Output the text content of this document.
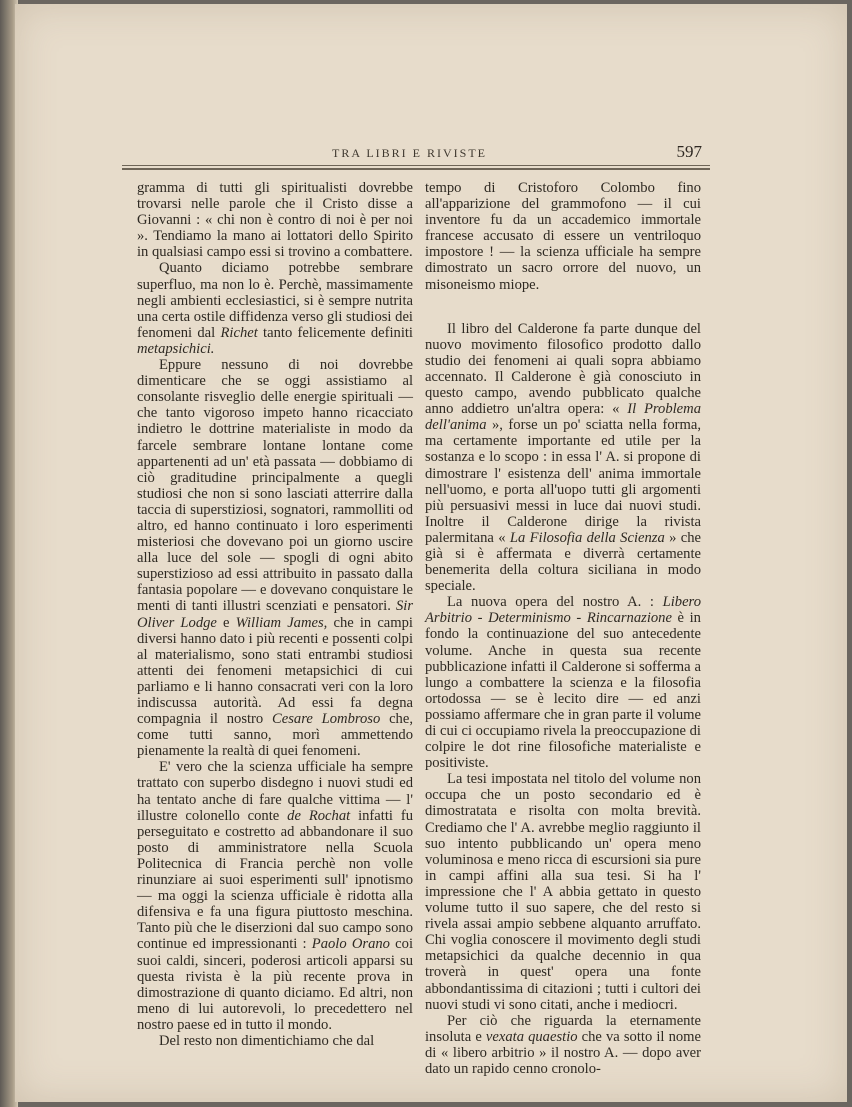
TRA LIBRI E RIVISTE	597

gramma di tutti gli spiritualisti dovrebbe trovarsi nelle parole che il Cristo disse a Giovanni : « chi non è contro di noi è per noi ». Tendiamo la mano ai lottatori dello Spirito in qualsiasi campo essi si trovino a combattere.

Quanto diciamo potrebbe sembrare superfluo, ma non lo è. Perchè, massimamente negli ambienti ecclesiastici, si è sempre nutrita una certa ostile diffidenza verso gli studiosi dei fenomeni dal Richet tanto felicemente definiti metapsichici.

Eppure nessuno di noi dovrebbe dimenticare che se oggi assistiamo al consolante risveglio delle energie spirituali — che tanto vigoroso impeto hanno ricacciato indietro le dottrine materialiste in modo da farcele sembrare lontane lontane come appartenenti ad un' età passata — dobbiamo di ciò graditudine principalmente a quegli studiosi che non si sono lasciati atterrire dalla taccia di superstiziosi, sognatori, rammolliti od altro, ed hanno continuato i loro esperimenti misteriosi che dovevano poi un giorno uscire alla luce del sole — spogli di ogni abito superstizioso ad essi attribuito in passato dalla fantasia popolare — e dovevano conquistare le menti di tanti illustri scenziati e pensatori. Sir Oliver Lodge e William James, che in campi diversi hanno dato i più recenti e possenti colpi al materialismo, sono stati entrambi studiosi attenti dei fenomeni metapsichici di cui parliamo e li hanno consacrati veri con la loro indiscussa autorità. Ad essi fa degna compagnia il nostro Cesare Lombroso che, come tutti sanno, morì ammettendo pienamente la realtà di quei fenomeni.

E' vero che la scienza ufficiale ha sempre trattato con superbo disdegno i nuovi studi ed ha tentato anche di fare qualche vittima — l' illustre colonello conte de Rochat infatti fu perseguitato e costretto ad abbandonare il suo posto di amministratore nella Scuola Politecnica di Francia perchè non volle rinunziare ai suoi esperimenti sull' ipnotismo — ma oggi la scienza ufficiale è ridotta alla difensiva e fa una figura piuttosto meschina. Tanto più che le diserzioni dal suo campo sono continue ed impressionanti : Paolo Orano coi suoi caldi, sinceri, poderosi articoli apparsi su questa rivista è la più recente prova in dimostrazione di quanto diciamo. Ed altri, non meno di lui autorevoli, lo precedettero nel nostro paese ed in tutto il mondo.

Del resto non dimentichiamo che dal

tempo di Cristoforo Colombo fino all'apparizione del grammofono — il cui inventore fu da un accademico immortale francese accusato di essere un ventriloquo impostore ! — la scienza ufficiale ha sempre dimostrato un sacro orrore del nuovo, un misoneismo miope.

Il libro del Calderone fa parte dunque del nuovo movimento filosofico prodotto dallo studio dei fenomeni ai quali sopra abbiamo accennato. Il Calderone è già conosciuto in questo campo, avendo pubblicato qualche anno addietro un'altra opera: « Il Problema dell'anima », forse un po' sciatta nella forma, ma certamente importante ed utile per la sostanza e lo scopo : in essa l' A. si propone di dimostrare l' esistenza dell' anima immortale nell'uomo, e porta all'uopo tutti gli argomenti più persuasivi messi in luce dai nuovi studi. Inoltre il Calderone dirige la rivista palermitana « La Filosofia della Scienza » che già si è affermata e diverrà certamente benemerita della coltura siciliana in modo speciale.

La nuova opera del nostro A. : Libero Arbitrio - Determinismo - Rincarnazione è in fondo la continuazione del suo antecedente volume. Anche in questa sua recente pubblicazione infatti il Calderone si sofferma a lungo a combattere la scienza e la filosofia ortodossa — se è lecito dire — ed anzi possiamo affermare che in gran parte il volume di cui ci occupiamo rivela la preoccupazione di colpire le dot rine filosofiche materialiste e positiviste.

La tesi impostata nel titolo del volume non occupa che un posto secondario ed è dimostratata e risolta con molta brevità. Crediamo che l' A. avrebbe meglio raggiunto il suo intento pubblicando un' opera meno voluminosa e meno ricca di escursioni sia pure in campi affini alla sua tesi. Si ha l' impressione che l' A abbia gettato in questo volume tutto il suo sapere, che del resto si rivela assai ampio sebbene alquanto arruffato. Chi voglia conoscere il movimento degli studi metapsichici da qualche decennio in qua troverà in quest' opera una fonte abbondantissima di citazioni ; tutti i cultori dei nuovi studi vi sono citati, anche i mediocri.

Per ciò che riguarda la eternamente insoluta e vexata quaestio che va sotto il nome di « libero arbitrio » il nostro A. — dopo aver dato un rapido cenno cronolo-
